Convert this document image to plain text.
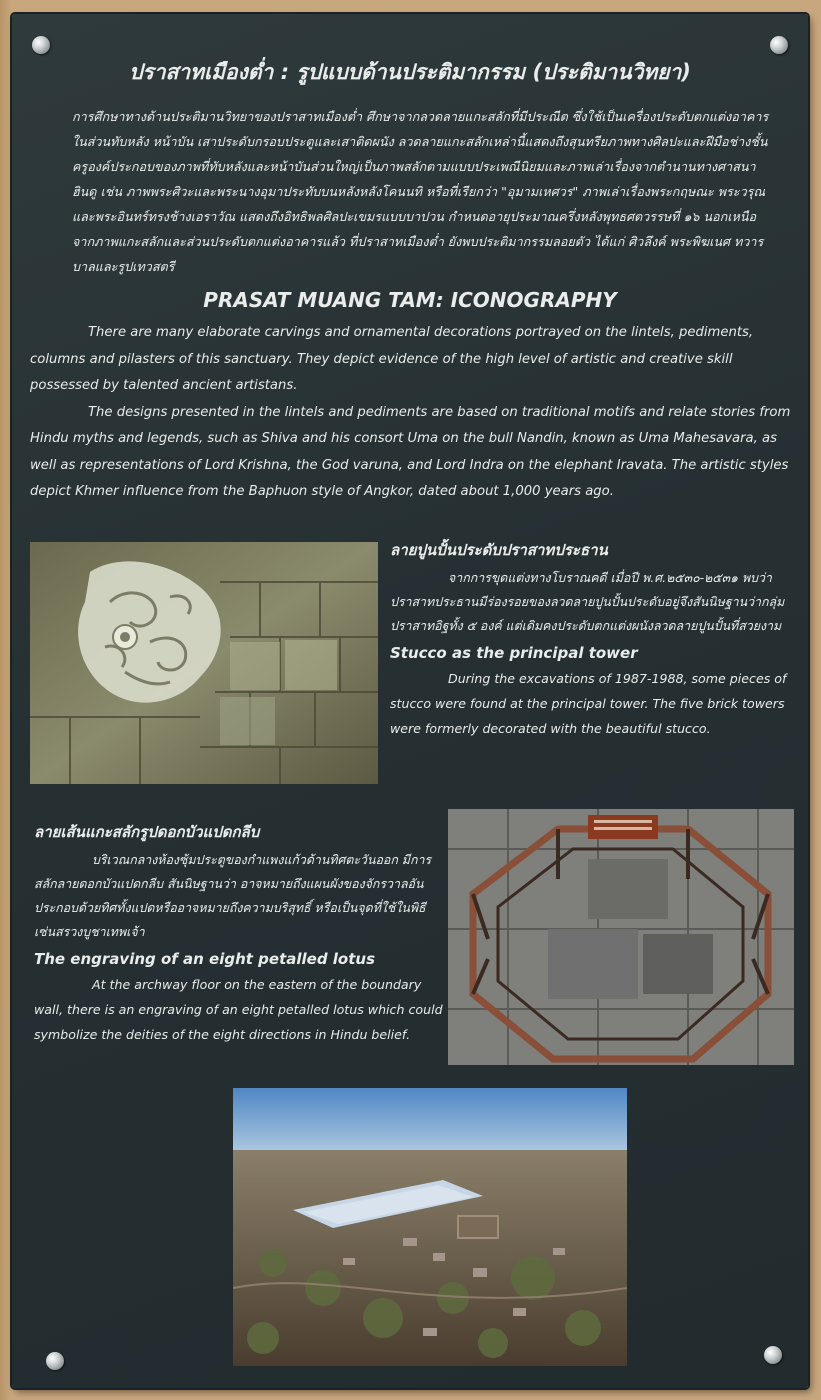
ปราสาทเมืองต่ำ : รูปแบบด้านประติมากรรม (ประติมานวิทยา)

การศึกษาทางด้านประติมานวิทยาของปราสาทเมืองต่ำ ศึกษาจากลวดลายแกะสลักที่มีประณีต ซึ่งใช้เป็นเครื่องประดับตกแต่งอาคารในส่วนทับหลัง หน้าบัน เสาประดับกรอบประตูและเสาติดผนัง ลวดลายแกะสลักเหล่านี้แสดงถึงสุนทรียภาพทางศิลปะและฝีมือช่างชั้นครูองค์ประกอบของภาพที่ทับหลังและหน้าบันส่วนใหญ่เป็นภาพสลักตามแบบประเพณีนิยมและภาพเล่าเรื่องจากตำนานทางศาสนาฮินดู เช่น ภาพพระศิวะและพระนางอุมาประทับบนหลังหลังโคนนทิ หรือที่เรียกว่า "อุมามเหศวร" ภาพเล่าเรื่องพระกฤษณะ พระวรุณและพระอินทร์ทรงช้างเอราวัณ แสดงถึงอิทธิพลศิลปะเขมรแบบบาปวน กำหนดอายุประมาณครึ่งหลังพุทธศตวรรษที่ ๑๖ นอกเหนือจากภาพแกะสลักและส่วนประดับตกแต่งอาคารแล้ว ที่ปราสาทเมืองต่ำ ยังพบประติมากรรมลอยตัว ได้แก่ ศิวลึงค์ พระพิฆเนศ ทวารบาลและรูปเทวสตรี

PRASAT MUANG TAM: ICONOGRAPHY

There are many elaborate carvings and ornamental decorations portrayed on the lintels, pediments, columns and pilasters of this sanctuary. They depict evidence of the high level of artistic and creative skill possessed by talented ancient artistans.

The designs presented in the lintels and pediments are based on traditional motifs and relate stories from Hindu myths and legends, such as Shiva and his consort Uma on the bull Nandin, known as Uma Mahesavara, as well as representations of Lord Krishna, the God varuna, and Lord Indra on the elephant Iravata. The artistic styles depict Khmer influence from the Baphuon style of Angkor, dated about 1,000 years ago.

ลายปูนปั้นประดับปราสาทประธาน

จากการขุดแต่งทางโบราณคดี เมื่อปี พ.ศ.๒๕๓๐-๒๕๓๑ พบว่าปราสาทประธานมีร่องรอยของลวดลายปูนปั้นประดับอยู่จึงสันนิษฐานว่ากลุ่มปราสาทอิฐทั้ง ๕ องค์ แต่เดิมคงประดับตกแต่งผนังลวดลายปูนปั้นที่สวยงาม

Stucco as the principal tower

During the excavations of 1987-1988, some pieces of stucco were found at the principal tower. The five brick towers were formerly decorated with the beautiful stucco.

ลายเส้นแกะสลักรูปดอกบัวแปดกลีบ

บริเวณกลางห้องซุ้มประตูของกำแพงแก้วด้านทิศตะวันออก มีการสลักลายดอกบัวแปดกลีบ สันนิษฐานว่า อาจหมายถึงแผนผังของจักรวาลอันประกอบด้วยทิศทั้งแปดหรืออาจหมายถึงความบริสุทธิ์ หรือเป็นจุดที่ใช้ในพิธีเซ่นสรวงบูชาเทพเจ้า

The engraving of an eight petalled lotus

At the archway floor on the eastern of the boundary wall, there is an engraving of an eight petalled lotus which could symbolize the deities of the eight directions in Hindu belief.
